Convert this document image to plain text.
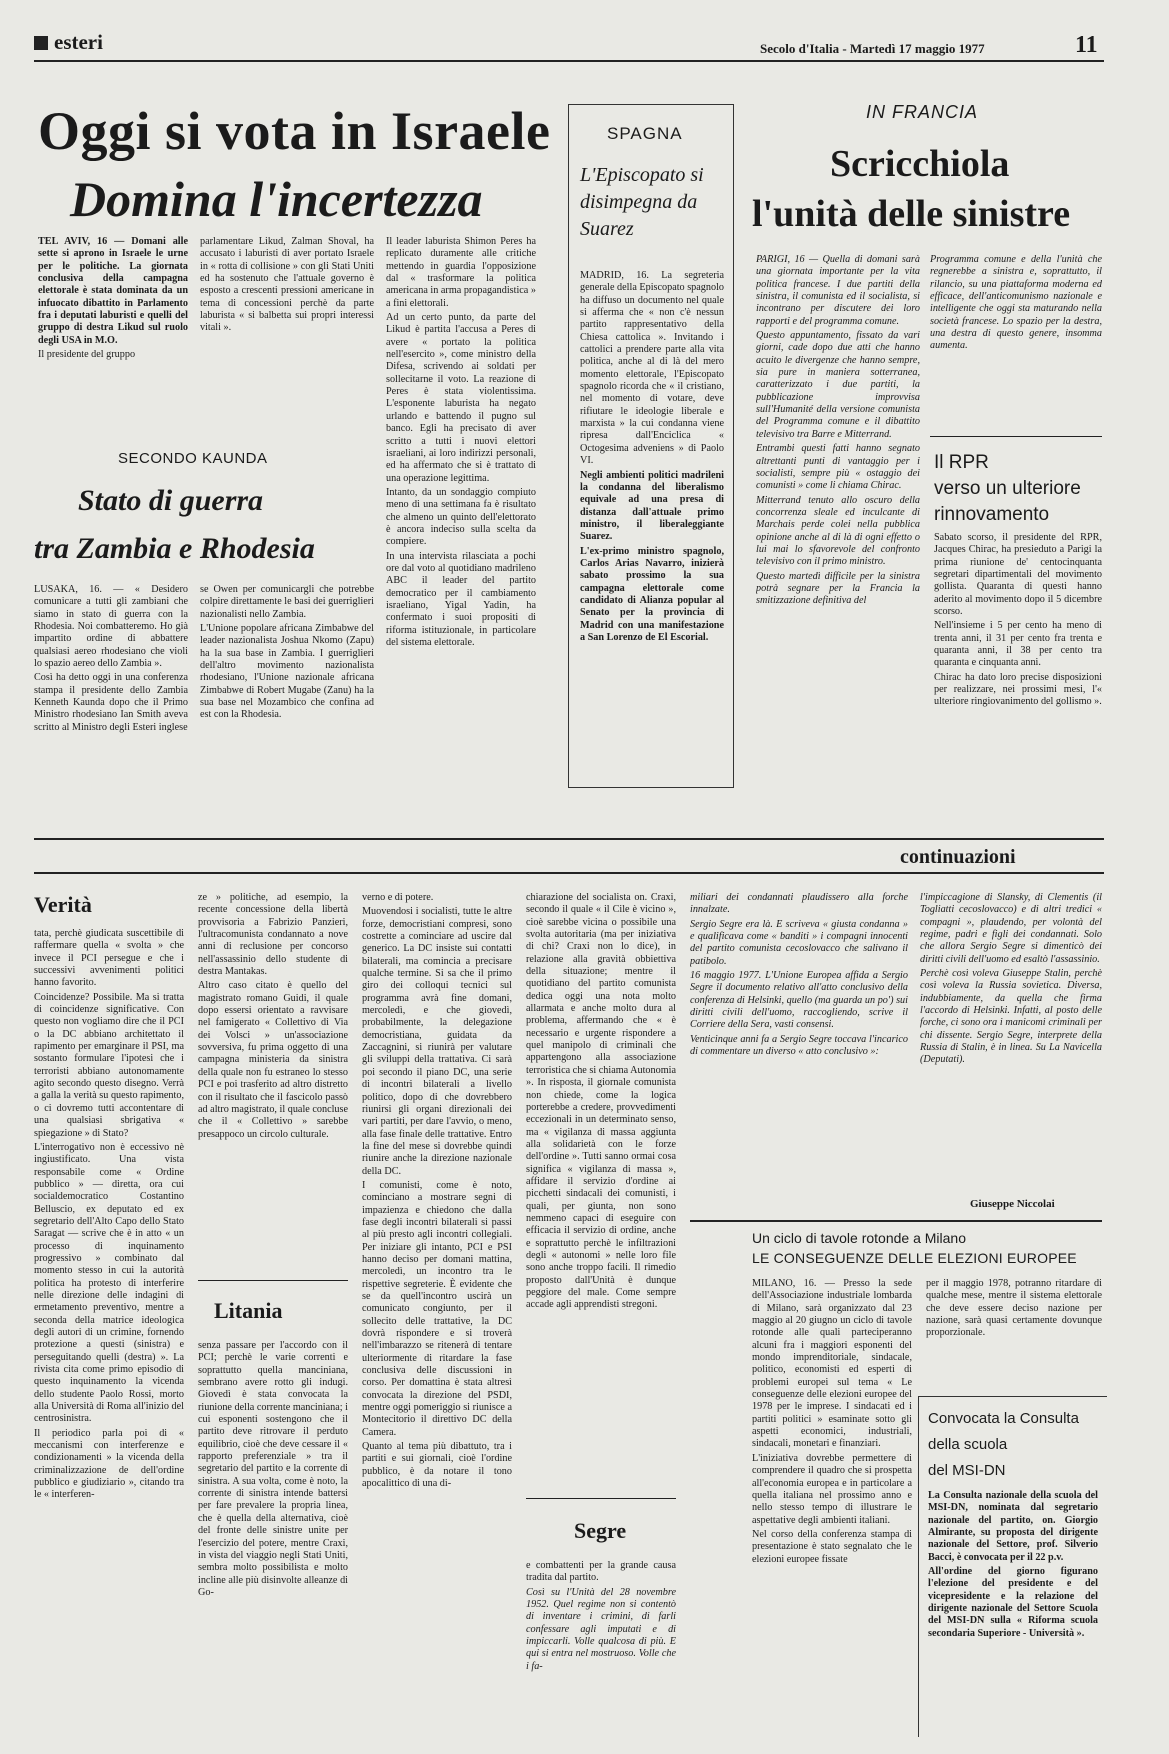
esteri	Secolo d'Italia - Martedì 17 maggio 1977	11
Oggi si vota in Israele
Domina l'incertezza

TEL AVIV, 16 — Domani alle sette si aprono in Israele le urne per le politiche. La giornata conclusiva della campagna elettorale è stata dominata da un infuocato dibattito in Parlamento fra i deputati laburisti e quelli del gruppo di destra Likud sul ruolo degli USA in M.O.

Il presidente del gruppo

parlamentare Likud, Zalman Shoval, ha accusato i laburisti di aver portato Israele in « rotta di collisione » con gli Stati Uniti ed ha sostenuto che l'attuale governo è esposto a crescenti pressioni americane in tema di concessioni perchè da parte laburista « si balbetta sui propri interessi vitali ».

Il leader laburista Shimon Peres ha replicato duramente alle critiche mettendo in guardia l'opposizione dal « trasformare la politica americana in arma propagandistica » a fini elettorali.

Ad un certo punto, da parte del Likud è partita l'accusa a Peres di avere « portato la politica nell'esercito », come ministro della Difesa, scrivendo ai soldati per sollecitarne il voto. La reazione di Peres è stata violentissima. L'esponente laburista ha negato urlando e battendo il pugno sul banco. Egli ha precisato di aver scritto a tutti i nuovi elettori israeliani, ai loro indirizzi personali, ed ha affermato che si è trattato di una operazione legittima.

Intanto, da un sondaggio compiuto meno di una settimana fa è risultato che almeno un quinto dell'elettorato è ancora indeciso sulla scelta da compiere.

In una intervista rilasciata a pochi ore dal voto al quotidiano madrileno ABC il leader del partito democratico per il cambiamento israeliano, Yigal Yadin, ha confermato i suoi propositi di riforma istituzionale, in particolare del sistema elettorale.

SECONDO KAUNDA
Stato di guerra
tra Zambia e Rhodesia

LUSAKA, 16. — « Desidero comunicare a tutti gli zambiani che siamo in stato di guerra con la Rhodesia. Noi combatteremo. Ho già impartito ordine di abbattere qualsiasi aereo rhodesiano che violi lo spazio aereo dello Zambia ».

Così ha detto oggi in una conferenza stampa il presidente dello Zambia Kenneth Kaunda dopo che il Primo Ministro rhodesiano Ian Smith aveva scritto al Ministro degli Esteri inglese

se Owen per comunicargli che potrebbe colpire direttamente le basi dei guerriglieri nazionalisti nello Zambia.

L'Unione popolare africana Zimbabwe del leader nazionalista Joshua Nkomo (Zapu) ha la sua base in Zambia. I guerriglieri dell'altro movimento nazionalista rhodesiano, l'Unione nazionale africana Zimbabwe di Robert Mugabe (Zanu) ha la sua base nel Mozambico che confina ad est con la Rhodesia.

SPAGNA
L'Episcopato si disimpegna da Suarez

MADRID, 16. La segreteria generale della Episcopato spagnolo ha diffuso un documento nel quale si afferma che « non c'è nessun partito rappresentativo della Chiesa cattolica ». Invitando i cattolici a prendere parte alla vita politica, anche al di là del mero momento elettorale, l'Episcopato spagnolo ricorda che « il cristiano, nel momento di votare, deve rifiutare le ideologie liberale e marxista » la cui condanna viene ripresa dall'Enciclica « Octogesima adveniens » di Paolo VI.

Negli ambienti politici madrileni la condanna del liberalismo equivale ad una presa di distanza dall'attuale primo ministro, il liberaleggiante Suarez.

L'ex-primo ministro spagnolo, Carlos Arias Navarro, inizierà sabato prossimo la sua campagna elettorale come candidato di Alianza popular al Senato per la provincia di Madrid con una manifestazione a San Lorenzo de El Escorial.

IN FRANCIA
Scricchiola
l'unità delle sinistre

PARIGI, 16 — Quella di domani sarà una giornata importante per la vita politica francese. I due partiti della sinistra, il comunista ed il socialista, si incontrano per discutere dei loro rapporti e del programma comune.

Questo appuntamento, fissato da vari giorni, cade dopo due atti che hanno acuito le divergenze che hanno sempre, sia pure in maniera sotterranea, caratterizzato i due partiti, la pubblicazione improvvisa sull'Humanité della versione comunista del Programma comune e il dibattito televisivo tra Barre e Mitterrand.

Entrambi questi fatti hanno segnato altrettanti punti di vantaggio per i socialisti, sempre più « ostaggio dei comunisti » come li chiama Chirac.

Mitterrand tenuto allo oscuro della concorrenza sleale ed inculcante di Marchais perde colei nella pubblica opinione anche al di là di ogni effetto o lui mai lo sfavorevole del confronto televisivo con il primo ministro.

Questo martedì difficile per la sinistra potrà segnare per la Francia la smitizzazione definitiva del

Programma comune e della l'unità che regnerebbe a sinistra e, soprattutto, il rilancio, su una piattaforma moderna ed efficace, dell'anticomunismo nazionale e intelligente che oggi sta maturando nella società francese. Lo spazio per la destra, una destra di questo genere, insomma aumenta.

Il RPR
verso un ulteriore
rinnovamento

Sabato scorso, il presidente del RPR, Jacques Chirac, ha presieduto a Parigi la prima riunione de' centocinquanta segretari dipartimentali del movimento gollista. Quaranta di questi hanno aderito al movimento dopo il 5 dicembre scorso.

Nell'insieme i 5 per cento ha meno di trenta anni, il 31 per cento fra trenta e quaranta anni, il 38 per cento tra quaranta e cinquanta anni.

Chirac ha dato loro precise disposizioni per realizzare, nei prossimi mesi, l'« ulteriore ringiovanimento del gollismo ».

continuazioni
Verità

tata, perchè giudicata suscettibile di raffermare quella « svolta » che invece il PCI persegue e che i successivi avvenimenti politici hanno favorito.

Coincidenze? Possibile. Ma si tratta di coincidenze significative. Con questo non vogliamo dire che il PCI o la DC abbiano architettato il rapimento per emarginare il PSI, ma sostanto formulare l'ipotesi che i terroristi abbiano autonomamente agito secondo questo disegno. Verrà a galla la verità su questo rapimento, o ci dovremo tutti accontentare di una qualsiasi sbrigativa « spiegazione » di Stato?

L'interrogativo non è eccessivo nè ingiustificato. Una vista responsabile come « Ordine pubblico » — diretta, ora cui socialdemocratico Costantino Belluscio, ex deputato ed ex segretario dell'Alto Capo dello Stato Saragat — scrive che è in atto « un processo di inquinamento progressivo » combinato dal momento stesso in cui la autorità politica ha protesto di interferire nelle direzione delle indagini di ermetamento preventivo, mentre a seconda della matrice ideologica degli autori di un crimine, fornendo protezione a questi (sinistra) e perseguitando quelli (destra) ». La rivista cita come primo episodio di questo inquinamento la vicenda dello studente Paolo Rossi, morto alla Università di Roma all'inizio del centrosinistra.

Il periodico parla poi di « meccanismi con interferenze e condizionamenti » la vicenda della criminalizzazione de dell'ordine pubblico e giudiziario », citando tra le « interferen-

ze » politiche, ad esempio, la recente concessione della libertà provvisoria a Fabrizio Panzieri, l'ultracomunista condannato a nove anni di reclusione per concorso nell'assassinio dello studente di destra Mantakas.

Altro caso citato è quello del magistrato romano Guidi, il quale dopo essersi orientato a ravvisare nel famigerato « Collettivo di Via dei Volsci » un'associazione sovversiva, fu prima oggetto di una campagna ministeria da sinistra della quale non fu estraneo lo stesso PCI e poi trasferito ad altro distretto con il risultato che il fascicolo passò ad altro magistrato, il quale concluse che il « Collettivo » sarebbe presappoco un circolo culturale.

Litania

senza passare per l'accordo con il PCI; perchè le varie correnti e soprattutto quella manciniana, sembrano avere rotto gli indugi. Giovedì è stata convocata la riunione della corrente manciniana; i cui esponenti sostengono che il partito deve ritrovare il perduto equilibrio, cioè che deve cessare il « rapporto preferenziale » tra il segretario del partito e la corrente di sinistra. A sua volta, come è noto, la corrente di sinistra intende battersi per fare prevalere la propria linea, che è quella della alternativa, cioè del fronte delle sinistre unite per l'esercizio del potere, mentre Craxi, in vista del viaggio negli Stati Uniti, sembra molto possibilista e molto incline alle più disinvolte alleanze di Go-

verno e di potere.

Muovendosi i socialisti, tutte le altre forze, democristiani compresi, sono costrette a cominciare ad uscire dal generico. La DC insiste sui contatti bilaterali, ma comincia a precisare qualche termine. Si sa che il primo giro dei colloqui tecnici sul programma avrà fine domani, mercoledì, e che giovedì, probabilmente, la delegazione democristiana, guidata da Zaccagnini, si riunirà per valutare gli sviluppi della trattativa. Ci sarà poi secondo il piano DC, una serie di incontri bilaterali a livello politico, dopo di che dovrebbero riunirsi gli organi direzionali dei vari partiti, per dare l'avvio, o meno, alla fase finale delle trattative. Entro la fine del mese si dovrebbe quindi riunire anche la direzione nazionale della DC.

I comunisti, come è noto, cominciano a mostrare segni di impazienza e chiedono che dalla fase degli incontri bilaterali si passi al più presto agli incontri collegiali. Per iniziare gli intanto, PCI e PSI hanno deciso per domani mattina, mercoledì, un incontro tra le rispettive segreterie. È evidente che se da quell'incontro uscirà un comunicato congiunto, per il sollecito delle trattative, la DC dovrà rispondere e si troverà nell'imbarazzo se ritenerà di tentare ulteriormente di ritardare la fase conclusiva delle discussioni in corso. Per domattina è stata altresì convocata la direzione del PSDI, mentre oggi pomeriggio si riunisce a Montecitorio il direttivo DC della Camera.

Quanto al tema più dibattuto, tra i partiti e sui giornali, cioè l'ordine pubblico, è da notare il tono apocalittico di una di-

chiarazione del socialista on. Craxi, secondo il quale « il Cile è vicino », cioè sarebbe vicina o possibile una svolta autoritaria (ma per iniziativa di chi? Craxi non lo dice), in relazione alla gravità obbiettiva della situazione; mentre il quotidiano del partito comunista dedica oggi una nota molto allarmata e anche molto dura al problema, affermando che « è necessario e urgente rispondere a quel manipolo di criminali che appartengono alla associazione terroristica che si chiama Autonomia ». In risposta, il giornale comunista non chiede, come la logica porterebbe a credere, provvedimenti eccezionali in un determinato senso, ma « vigilanza di massa aggiunta alla solidarietà con le forze dell'ordine ». Tutti sanno ormai cosa significa « vigilanza di massa », affidare il servizio d'ordine ai picchetti sindacali dei comunisti, i quali, per giunta, non sono nemmeno capaci di eseguire con efficacia il servizio di ordine, anche e soprattutto perchè le infiltrazioni degli « autonomi » nelle loro file sono anche troppo facili. Il rimedio proposto dall'Unità è dunque peggiore del male. Come sempre accade agli apprendisti stregoni.

Segre

e combattenti per la grande causa tradita dal partito.

Così su l'Unità del 28 novembre 1952. Quel regime non si contentò di inventare i crimini, di farli confessare agli imputati e di impiccarli. Volle qualcosa di più. E qui si entra nel mostruoso. Volle che i fa-

miliari dei condannati plaudissero alla forche innalzate.

Sergio Segre era là. E scriveva « giusta condanna » e qualificava come « banditi » i compagni innocenti del partito comunista cecoslovacco che salivano il patibolo.

16 maggio 1977. L'Unione Europea affida a Sergio Segre il documento relativo all'atto conclusivo della conferenza di Helsinki, quello (ma guarda un po') sui diritti civili dell'uomo, raccogliendo, scrive il Corriere della Sera, vasti consensi.

Venticinque anni fa a Sergio Segre toccava l'incarico di commentare un diverso « atto conclusivo »:

l'impiccagione di Slansky, di Clementis (il Togliatti cecoslovacco) e di altri tredici « compagni », plaudendo, per volontà del regime, padri e figli dei condannati. Solo che allora Sergio Segre si dimenticò dei diritti civili dell'uomo ed esaltò l'assassinio.

Perchè così voleva Giuseppe Stalin, perchè così voleva la Russia sovietica. Diversa, indubbiamente, da quella che firma l'accordo di Helsinki. Infatti, al posto delle forche, ci sono ora i manicomi criminali per chi dissente. Sergio Segre, interprete della Russia di Stalin, è in linea. Su La Navicella (Deputati).

Giuseppe Niccolai
Un ciclo di tavole rotonde a Milano
LE CONSEGUENZE DELLE ELEZIONI EUROPEE

MILANO, 16. — Presso la sede dell'Associazione industriale lombarda di Milano, sarà organizzato dal 23 maggio al 20 giugno un ciclo di tavole rotonde alle quali parteciperanno alcuni fra i maggiori esponenti del mondo imprenditoriale, sindacale, politico, economisti ed esperti di problemi europei sul tema « Le conseguenze delle elezioni europee del 1978 per le imprese. I sindacati ed i partiti politici » esaminate sotto gli aspetti economici, industriali, sindacali, monetari e finanziari.

L'iniziativa dovrebbe permettere di comprendere il quadro che si prospetta all'economia europea e in particolare a quella italiana nel prossimo anno e nello stesso tempo di illustrare le aspettative degli ambienti italiani.

Nel corso della conferenza stampa di presentazione è stato segnalato che le elezioni europee fissate

per il maggio 1978, potranno ritardare di qualche mese, mentre il sistema elettorale che deve essere deciso nazione per nazione, sarà quasi certamente dovunque proporzionale.

Convocata la Consulta
della scuola
del MSI-DN

La Consulta nazionale della scuola del MSI-DN, nominata dal segretario nazionale del partito, on. Giorgio Almirante, su proposta del dirigente nazionale del Settore, prof. Silverio Bacci, è convocata per il 22 p.v.

All'ordine del giorno figurano l'elezione del presidente e del vicepresidente e la relazione del dirigente nazionale del Settore Scuola del MSI-DN sulla « Riforma scuola secondaria Superiore - Università ».
